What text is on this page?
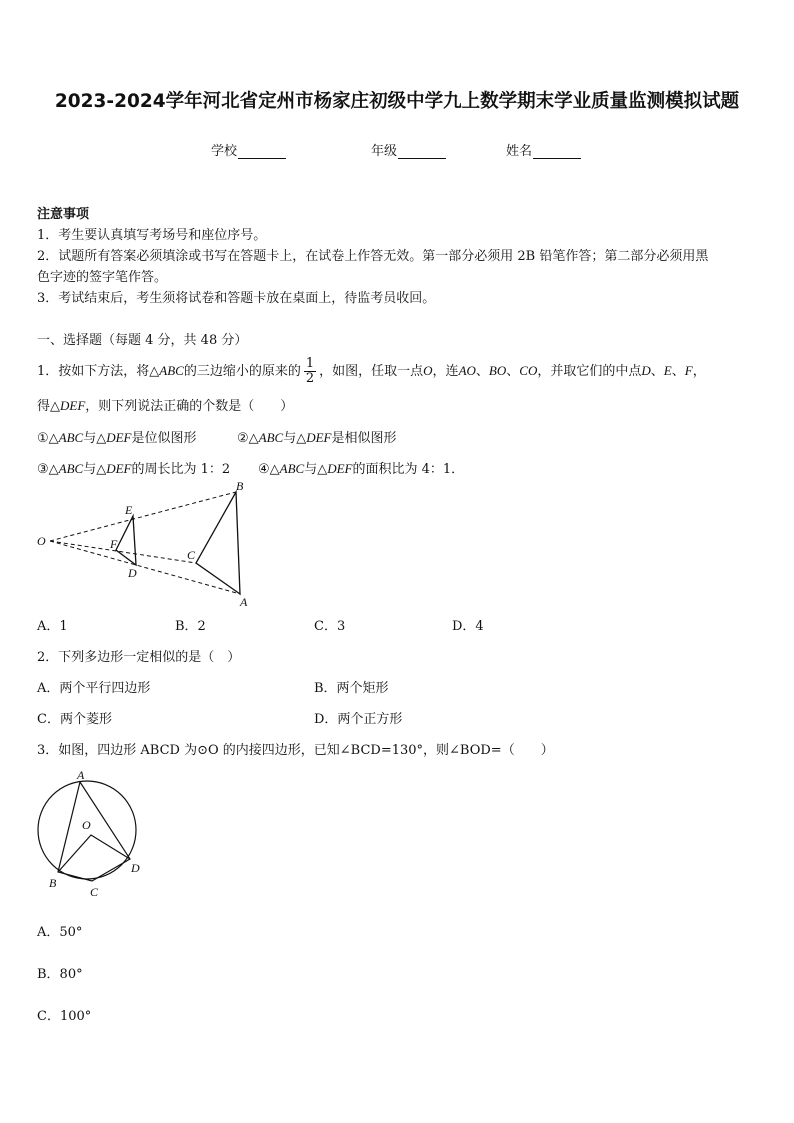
2023-2024学年河北省定州市杨家庄初级中学九上数学期末学业质量监测模拟试题
学校	年级	姓名
注意事项
1．考生要认真填写考场号和座位序号。
2．试题所有答案必须填涂或书写在答题卡上，在试卷上作答无效。第一部分必须用 2B 铅笔作答；第二部分必须用黑
色字迹的签字笔作答。
3．考试结束后，考生须将试卷和答题卡放在桌面上，待监考员收回。
一、选择题（每题 4 分，共 48 分）
1．按如下方法，将△ABC的三边缩小的原来的 $\frac{1}{2}$ ，如图，任取一点O，连AO、BO、CO，并取它们的中点D、E、F，
得△DEF，则下列说法正确的个数是（　　）
①△ABC与△DEF是位似图形	②△ABC与△DEF是相似图形
③△ABC与△DEF的周长比为 1：2 ④△ABC与△DEF的面积比为 4：1．
O
E
F
D
C
B
A
A．1	B．2	C．3	D．4
2．下列多边形一定相似的是（　）
A．两个平行四边形	B．两个矩形
C．两个菱形	D．两个正方形
3．如图，四边形 ABCD 为⊙O 的内接四边形，已知∠BCD=130°，则∠BOD=（　　）
A
O
B
C
D
A．50°
B．80°
C．100°
